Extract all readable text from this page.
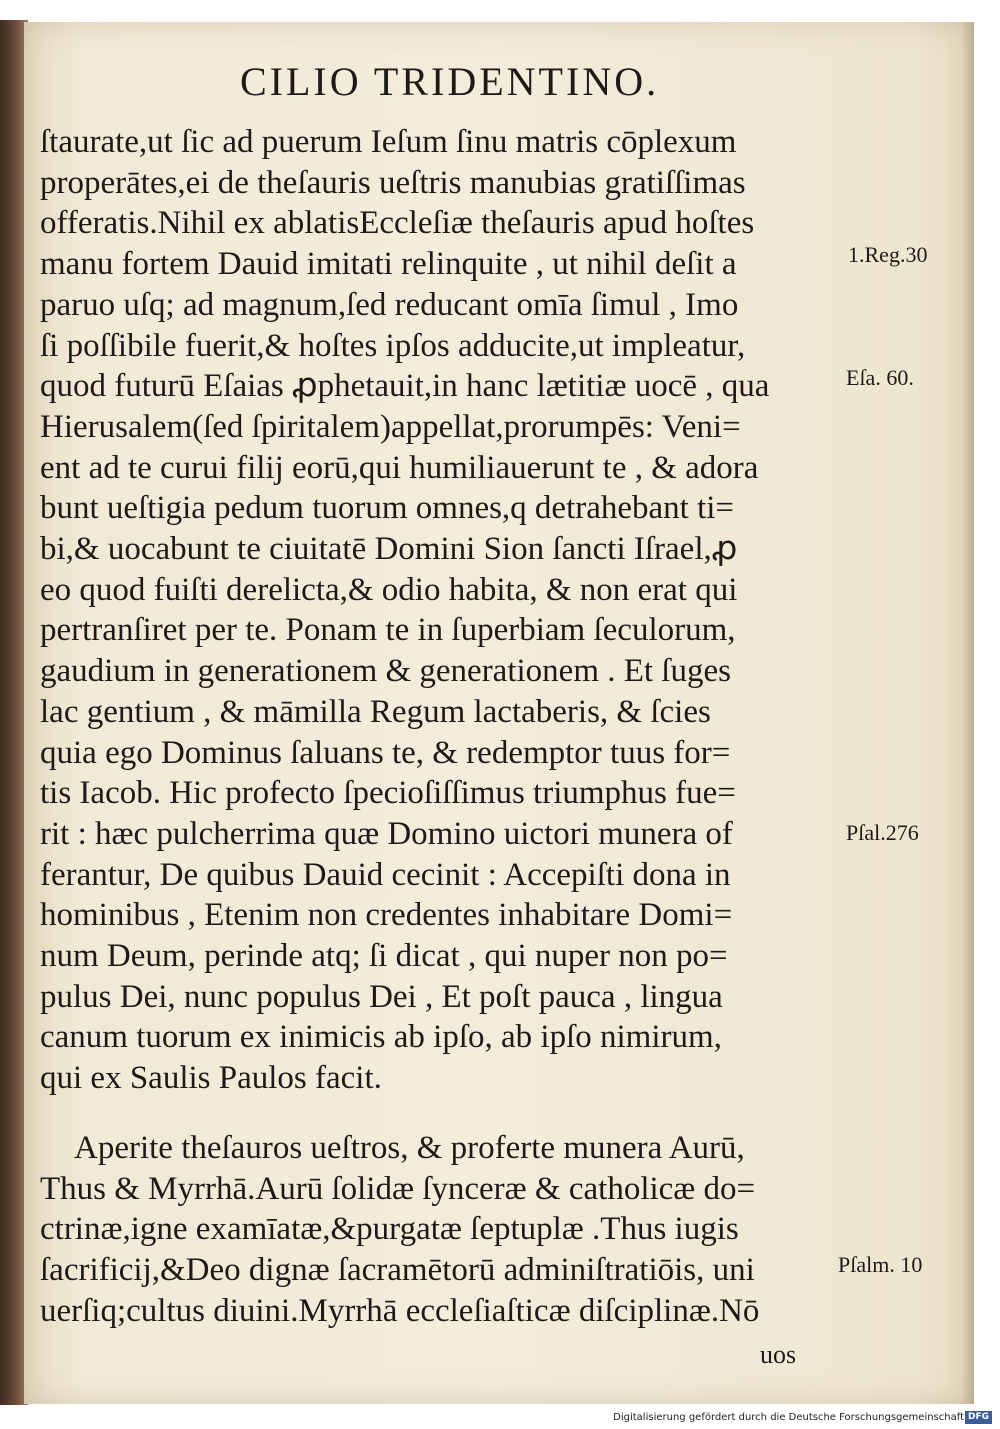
CILIO TRIDENTINO.
ſtaurate,ut ſic ad puerum Ieſum ſinu matris cōplexum
properātes,ei de theſauris ueſtris manubias gratiſſimas
offeratis.Nihil ex ablatisEccleſiæ theſauris apud hoſtes
manu fortem Dauid imitati relinquite , ut nihil deſit a
paruo uſq; ad magnum,ſed reducant omīa ſimul , Imo
ſi poſſibile fuerit,& hoſtes ipſos adducite,ut impleatur,
quod futurū Eſaias ꝓphetauit,in hanc lætitiæ uocē , qua
Hierusalem(ſed ſpiritalem)appellat,prorumpēs: Veni=
ent ad te curui filij eorū,qui humiliauerunt te , & adora
bunt ueſtigia pedum tuorum omnes,q detrahebant ti=
bi,& uocabunt te ciuitatē Domini Sion ſancti Iſrael,ꝓ
eo quod fuiſti derelicta,& odio habita, & non erat qui
pertranſiret per te. Ponam te in ſuperbiam ſeculorum,
gaudium in generationem & generationem . Et ſuges
lac gentium , & māmilla Regum lactaberis, & ſcies
quia ego Dominus ſaluans te, & redemptor tuus for=
tis Iacob. Hic profecto ſpecioſiſſimus triumphus fue=
rit : hæc pulcherrima quæ Domino uictori munera of
ferantur, De quibus Dauid cecinit : Accepiſti dona in
hominibus , Etenim non credentes inhabitare Domi=
num Deum, perinde atq; ſi dicat , qui nuper non po=
pulus Dei, nunc populus Dei , Et poſt pauca , lingua
canum tuorum ex inimicis ab ipſo, ab ipſo nimirum,
qui ex Saulis Paulos facit.
Aperite theſauros ueſtros, & proferte munera Aurū,
Thus & Myrrhā.Aurū ſolidæ ſynceræ & catholicæ do=
ctrinæ,igne examīatæ,&purgatæ ſeptuplæ .Thus iugis
ſacrificij,&Deo dignæ ſacramētorū adminiſtratiōis, uni
uerſiq;cultus diuini.Myrrhā eccleſiaſticæ diſciplinæ.Nō
1.Reg.30
Eſa. 60.
Pſal.276
Pſalm. 10
uos
Digitalisierung gefördert durch die Deutsche Forschungsgemeinschaft DFG
